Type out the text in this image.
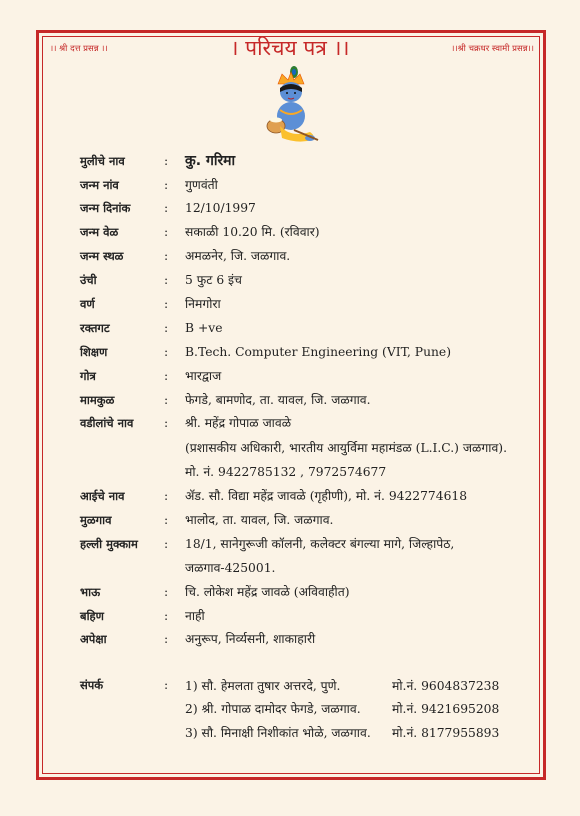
।। श्री दत्त प्रसन्न ।।	। परिचय पत्र ।।	।।श्री चक्रधर स्वामी प्रसन्न।।
मुलीचे नाव	: कु. गरिमा
जन्म नांव	: गुणवंती
जन्म दिनांक	: 12/10/1997
जन्म वेळ	: सकाळी 10.20 मि. (रविवार)
जन्म स्थळ	: अमळनेर, जि. जळगाव.
उंची	: 5 फुट 6 इंच
वर्ण	: निमगोरा
रक्तगट	: B +ve
शिक्षण	: B.Tech. Computer Engineering (VIT, Pune)
गोत्र	: भारद्वाज
मामकुळ	: फेगडे, बामणोद, ता. यावल, जि. जळगाव.
वडीलांचे नाव	: श्री. महेंद्र गोपाळ जावळे
(प्रशासकीय अधिकारी, भारतीय आयुर्विमा महामंडळ (L.I.C.) जळगाव).
मो. नं. 9422785132 , 7972574677
आईचे नाव	: ॲड. सौ. विद्या महेंद्र जावळे (गृहीणी), मो. नं. 9422774618
मुळगाव	: भालोद, ता. यावल, जि. जळगाव.
हल्ली मुक्काम	: 18/1, सानेगुरूजी कॉलनी, कलेक्टर बंगल्या मागे, जिल्हापेठ,
जळगाव-425001.
भाऊ	: चि. लोकेश महेंद्र जावळे (अविवाहीत)
बहिण	: नाही
अपेक्षा	: अनुरूप, निर्व्यसनी, शाकाहारी
संपर्क	: 1) सौ. हेमलता तुषार अत्तरदे, पुणे.	मो.नं. 9604837238
2) श्री. गोपाळ दामोदर फेगडे, जळगाव.	मो.नं. 9421695208
3) सौ. मिनाक्षी निशीकांत भोळे, जळगाव. मो.नं. 8177955893
